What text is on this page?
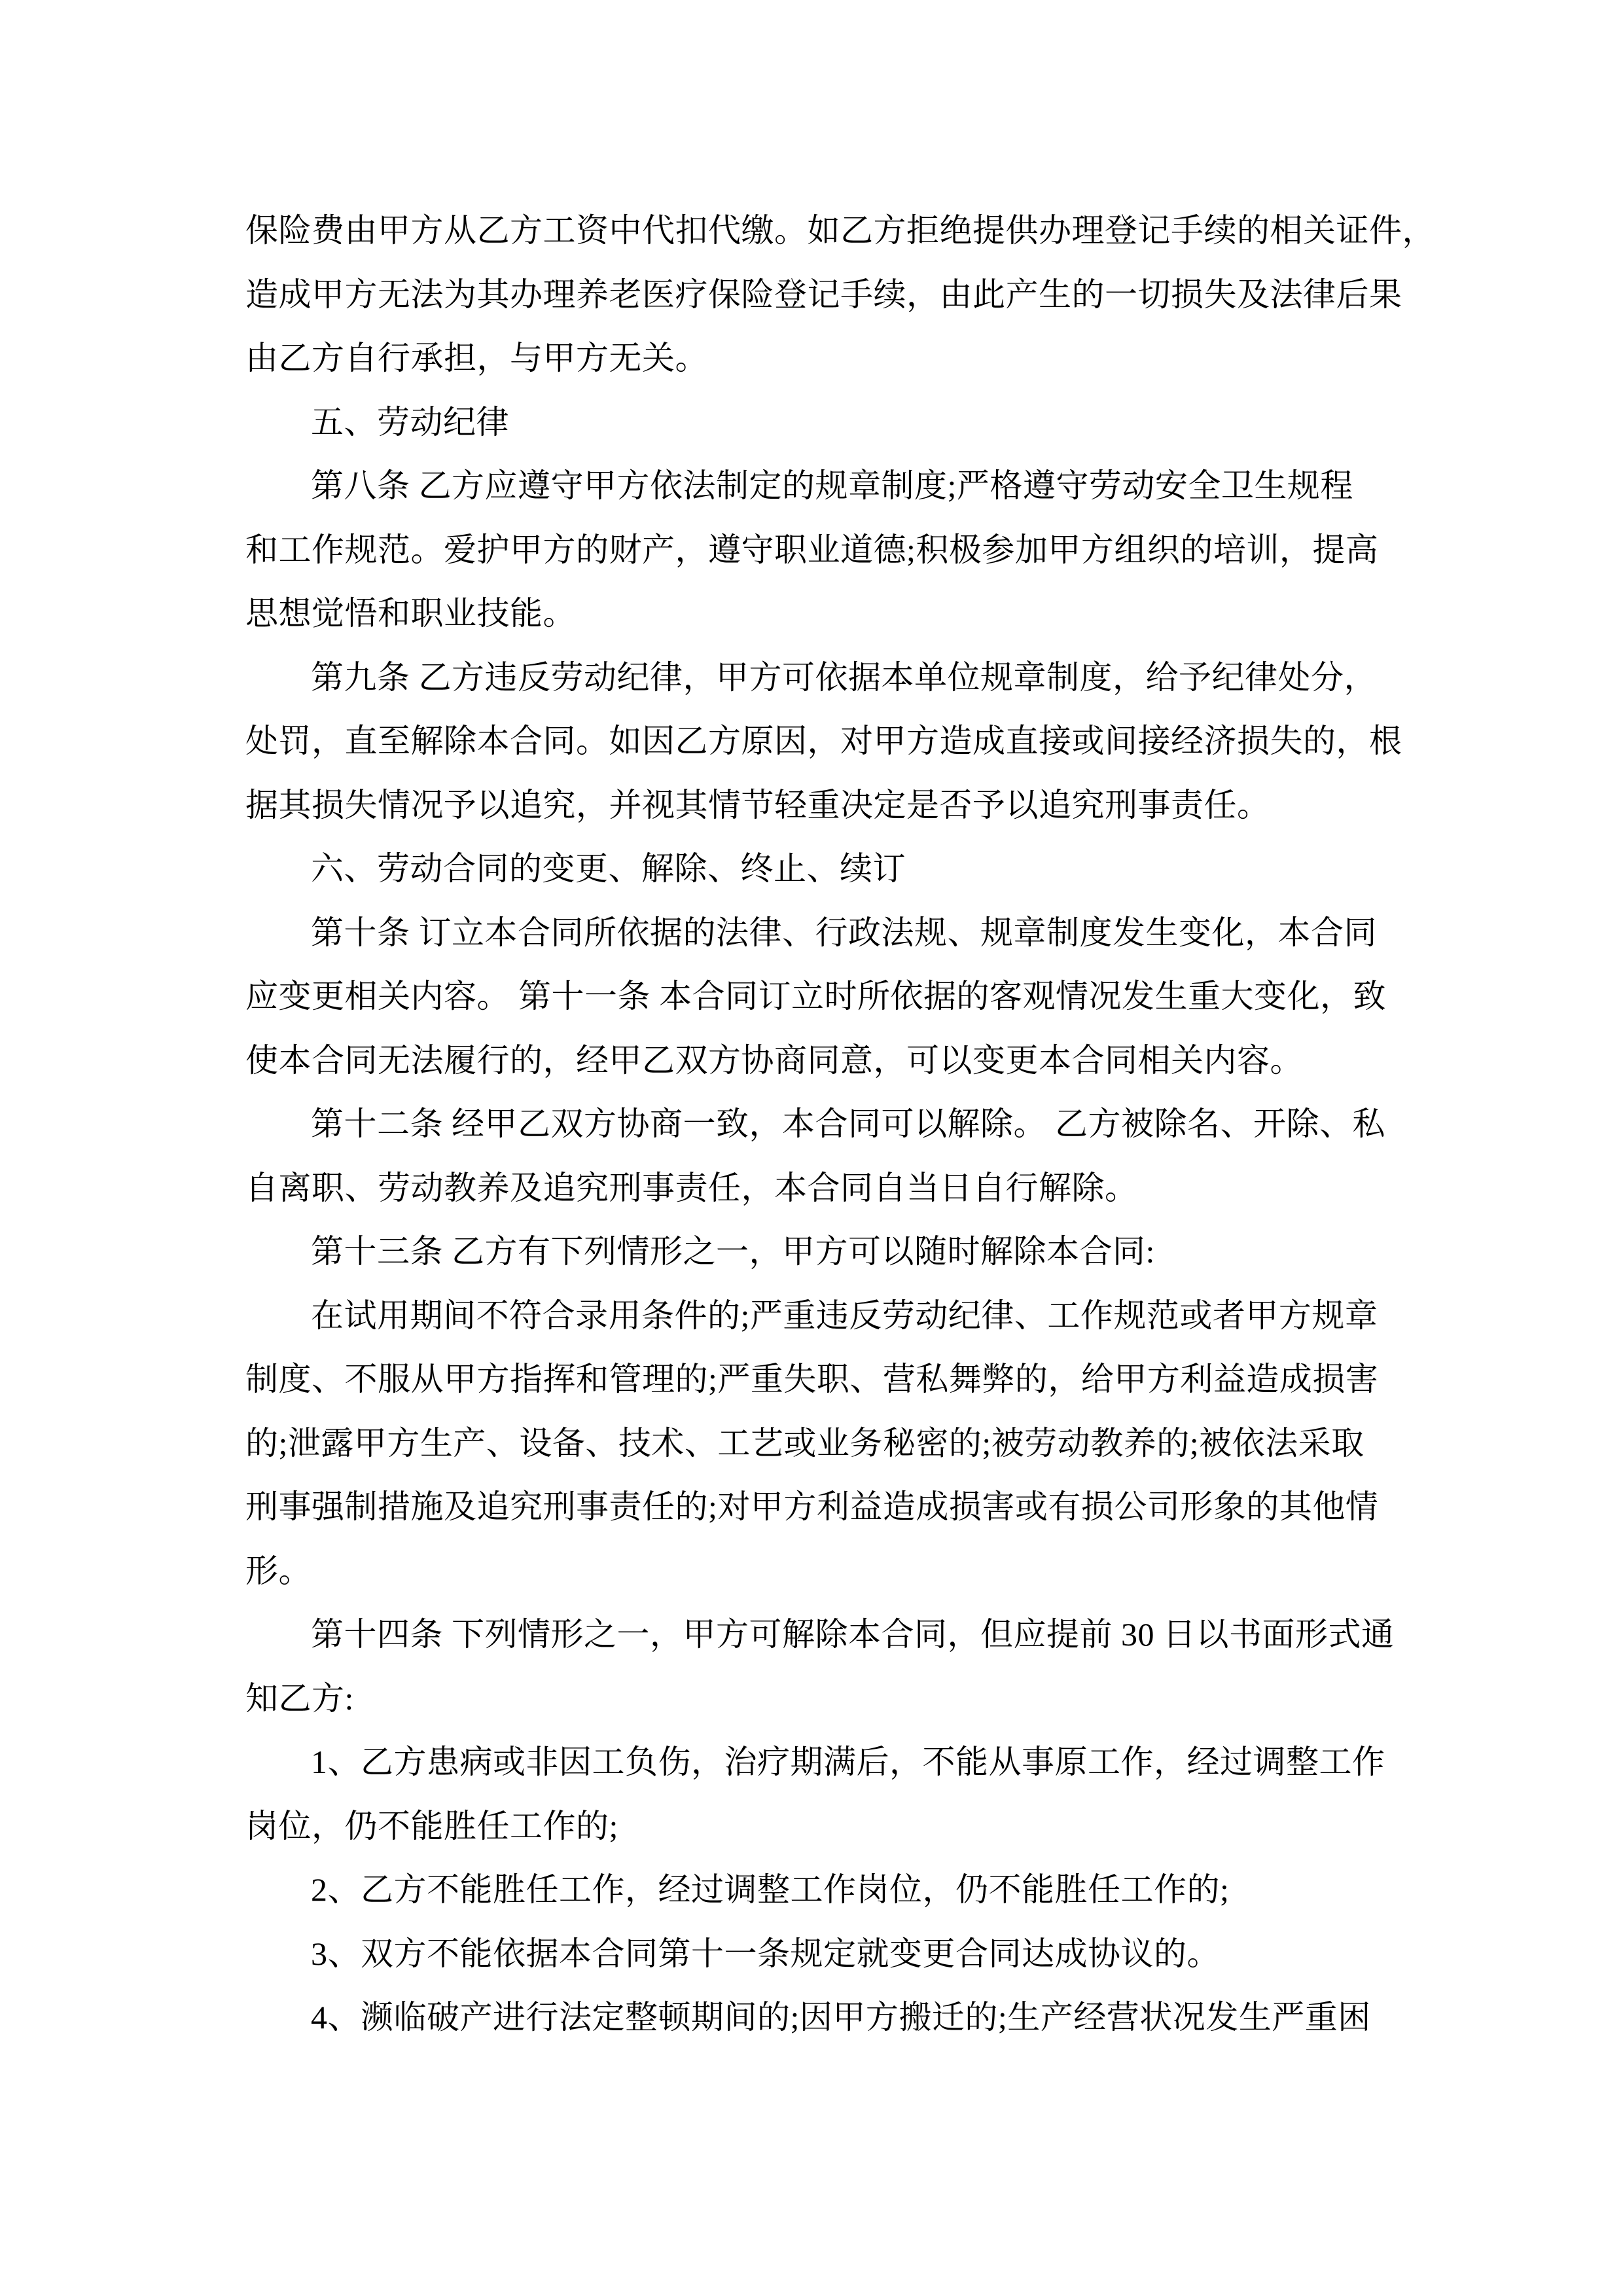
保险费由甲方从乙方工资中代扣代缴。如乙方拒绝提供办理登记手续的相关证件，
造成甲方无法为其办理养老医疗保险登记手续，由此产生的一切损失及法律后果
由乙方自行承担，与甲方无关。
五、劳动纪律
第八条 乙方应遵守甲方依法制定的规章制度;严格遵守劳动安全卫生规程
和工作规范。爱护甲方的财产，遵守职业道德;积极参加甲方组织的培训，提高
思想觉悟和职业技能。
第九条 乙方违反劳动纪律，甲方可依据本单位规章制度，给予纪律处分，
处罚，直至解除本合同。如因乙方原因，对甲方造成直接或间接经济损失的，根
据其损失情况予以追究，并视其情节轻重决定是否予以追究刑事责任。
六、劳动合同的变更、解除、终止、续订
第十条 订立本合同所依据的法律、行政法规、规章制度发生变化，本合同
应变更相关内容。 第十一条 本合同订立时所依据的客观情况发生重大变化，致
使本合同无法履行的，经甲乙双方协商同意，可以变更本合同相关内容。
第十二条 经甲乙双方协商一致，本合同可以解除。 乙方被除名、开除、私
自离职、劳动教养及追究刑事责任，本合同自当日自行解除。
第十三条 乙方有下列情形之一，甲方可以随时解除本合同:
在试用期间不符合录用条件的;严重违反劳动纪律、工作规范或者甲方规章
制度、不服从甲方指挥和管理的;严重失职、营私舞弊的，给甲方利益造成损害
的;泄露甲方生产、设备、技术、工艺或业务秘密的;被劳动教养的;被依法采取
刑事强制措施及追究刑事责任的;对甲方利益造成损害或有损公司形象的其他情
形。
第十四条 下列情形之一，甲方可解除本合同，但应提前 30 日以书面形式通
知乙方:
1、乙方患病或非因工负伤，治疗期满后，不能从事原工作，经过调整工作
岗位，仍不能胜任工作的;
2、乙方不能胜任工作，经过调整工作岗位，仍不能胜任工作的;
3、双方不能依据本合同第十一条规定就变更合同达成协议的。
4、濒临破产进行法定整顿期间的;因甲方搬迁的;生产经营状况发生严重困
